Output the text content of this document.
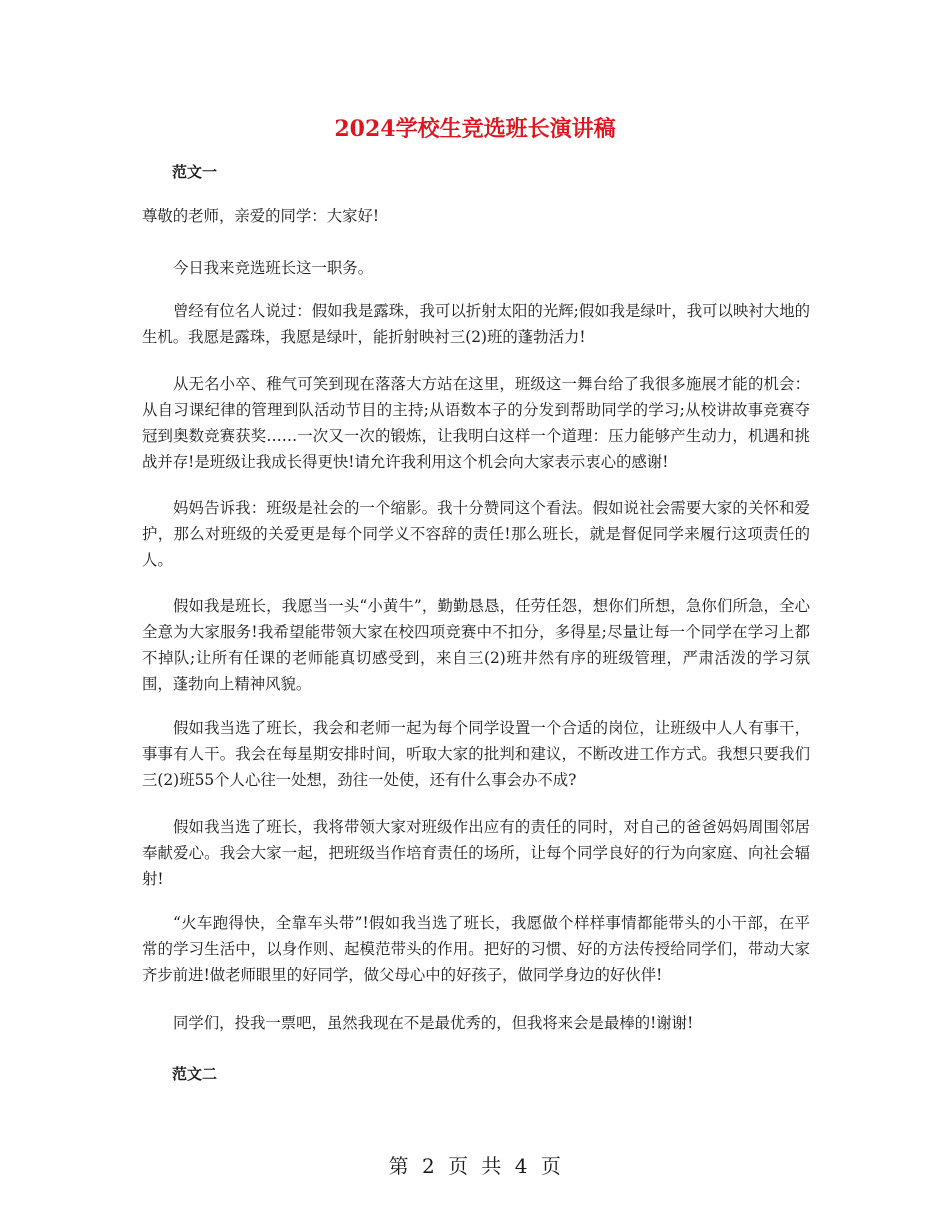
2024学校生竞选班长演讲稿
范文一

尊敬的老师，亲爱的同学：大家好!

今日我来竞选班长这一职务。

曾经有位名人说过：假如我是露珠，我可以折射太阳的光辉;假如我是绿叶，我可以映衬大地的生机。我愿是露珠，我愿是绿叶，能折射映衬三(2)班的蓬勃活力!

从无名小卒、稚气可笑到现在落落大方站在这里，班级这一舞台给了我很多施展才能的机会：从自习课纪律的管理到队活动节目的主持;从语数本子的分发到帮助同学的学习;从校讲故事竞赛夺冠到奥数竞赛获奖……一次又一次的锻炼，让我明白这样一个道理：压力能够产生动力，机遇和挑战并存!是班级让我成长得更快!请允许我利用这个机会向大家表示衷心的感谢!

妈妈告诉我：班级是社会的一个缩影。我十分赞同这个看法。假如说社会需要大家的关怀和爱护，那么对班级的关爱更是每个同学义不容辞的责任!那么班长，就是督促同学来履行这项责任的人。

假如我是班长，我愿当一头“小黄牛”，勤勤恳恳，任劳任怨，想你们所想，急你们所急，全心全意为大家服务!我希望能带领大家在校四项竞赛中不扣分，多得星;尽量让每一个同学在学习上都不掉队;让所有任课的老师能真切感受到，来自三(2)班井然有序的班级管理，严肃活泼的学习氛围，蓬勃向上精神风貌。

假如我当选了班长，我会和老师一起为每个同学设置一个合适的岗位，让班级中人人有事干，事事有人干。我会在每星期安排时间，听取大家的批判和建议，不断改进工作方式。我想只要我们三(2)班55个人心往一处想，劲往一处使，还有什么事会办不成?

假如我当选了班长，我将带领大家对班级作出应有的责任的同时，对自己的爸爸妈妈周围邻居奉献爱心。我会大家一起，把班级当作培育责任的场所，让每个同学良好的行为向家庭、向社会辐射!

“火车跑得快，全靠车头带”!假如我当选了班长，我愿做个样样事情都能带头的小干部，在平常的学习生活中，以身作则、起模范带头的作用。把好的习惯、好的方法传授给同学们，带动大家齐步前进!做老师眼里的好同学，做父母心中的好孩子，做同学身边的好伙伴!

同学们，投我一票吧，虽然我现在不是最优秀的，但我将来会是最棒的!谢谢!

范文二
第 2 页 共 4 页
